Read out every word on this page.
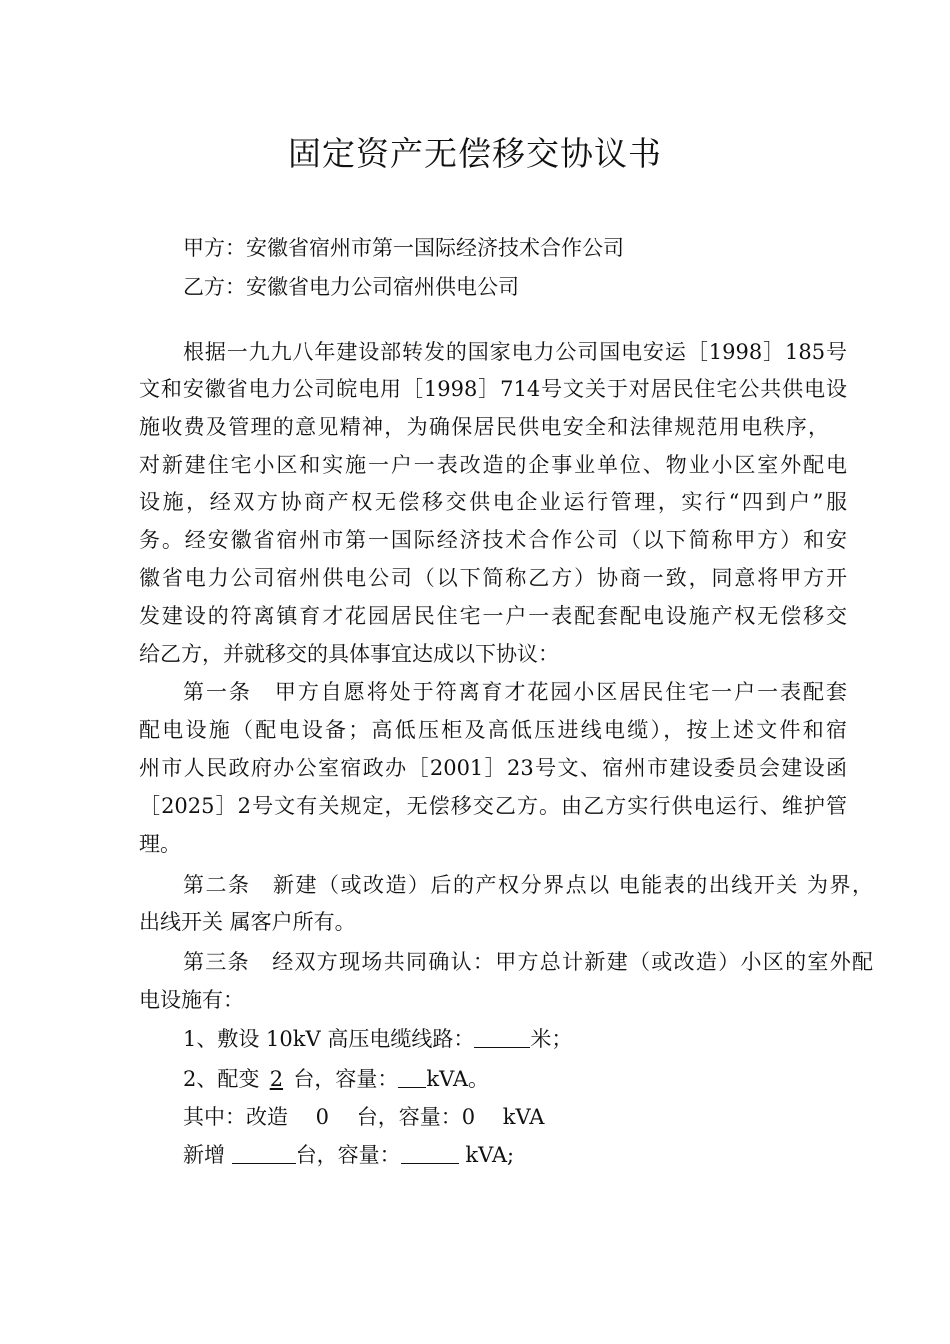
固定资产无偿移交协议书
甲方：安徽省宿州市第一国际经济技术合作公司
乙方：安徽省电力公司宿州供电公司
根据一九九八年建设部转发的国家电力公司国电安运［1998］185号
文和安徽省电力公司皖电用［1998］714号文关于对居民住宅公共供电设
施收费及管理的意见精神，为确保居民供电安全和法律规范用电秩序，
对新建住宅小区和实施一户一表改造的企事业单位、物业小区室外配电
设施，经双方协商产权无偿移交供电企业运行管理，实行“四到户”服
务。经安徽省宿州市第一国际经济技术合作公司（以下简称甲方）和安
徽省电力公司宿州供电公司（以下简称乙方）协商一致，同意将甲方开
发建设的符离镇育才花园居民住宅一户一表配套配电设施产权无偿移交
给乙方，并就移交的具体事宜达成以下协议：
第一条　甲方自愿将处于符离育才花园小区居民住宅一户一表配套
配电设施（配电设备；高低压柜及高低压进线电缆），按上述文件和宿
州市人民政府办公室宿政办［2001］23号文、宿州市建设委员会建设函
［2025］2号文有关规定，无偿移交乙方。由乙方实行供电运行、维护管
理。
第二条　新建（或改造）后的产权分界点以 电能表的出线开关 为界，
出线开关 属客户所有。
第三条　经双方现场共同确认：甲方总计新建（或改造）小区的室外配
电设施有：
1、敷设 10kV 高压电缆线路：	米；
2、配变 2 台，容量： kVA。
其中：改造　 0 　台，容量：0　 kVA
新增	台，容量：	kVA;
